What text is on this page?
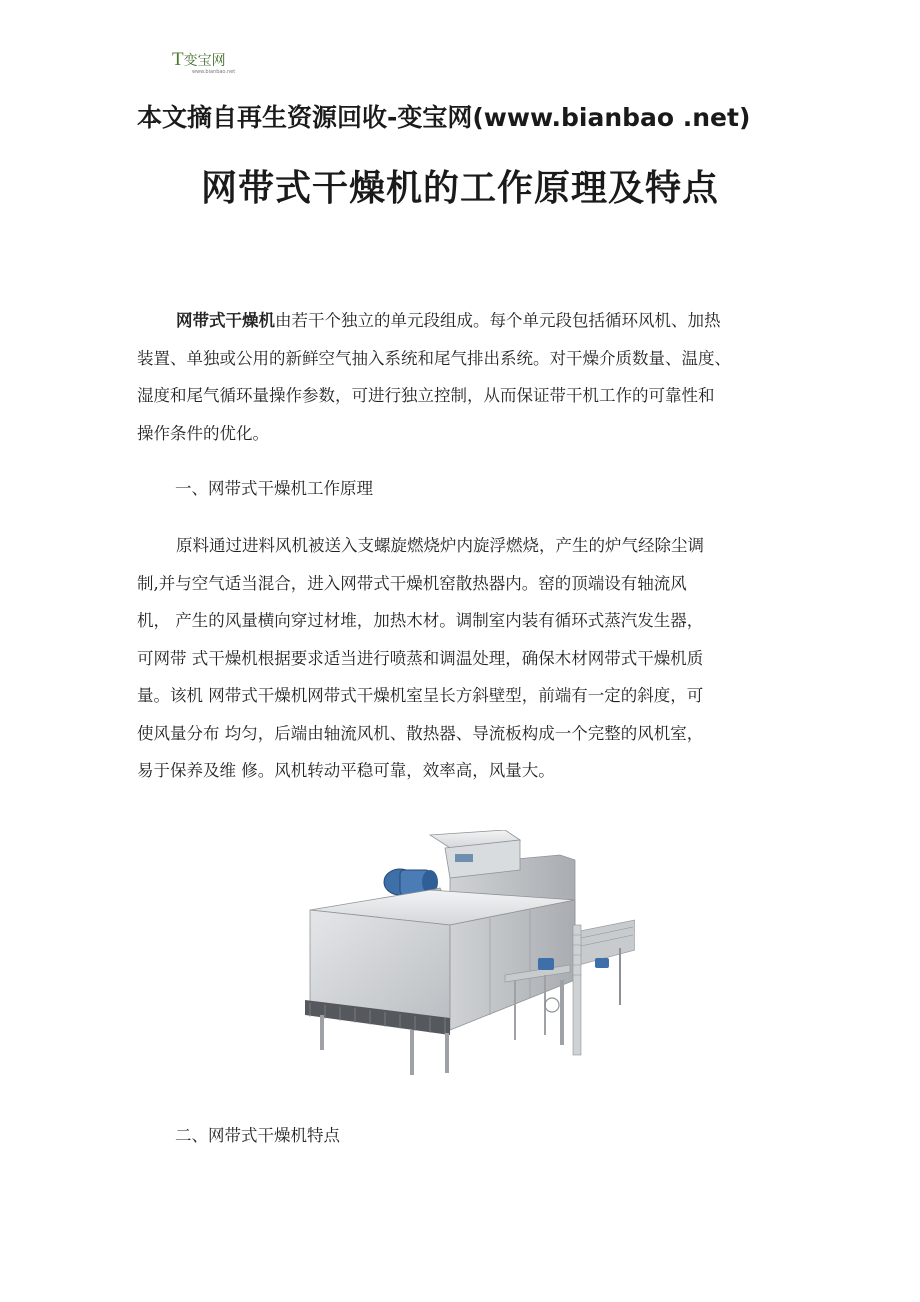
T变宝网
www.bianbao.net
本文摘自再生资源回收-变宝网(www.bianbao .net)
网带式干燥机的工作原理及特点
网带式干燥机由若干个独立的单元段组成。每个单元段包括循环风机、加热
装置、单独或公用的新鲜空气抽入系统和尾气排出系统。对干燥介质数量、温度、
湿度和尾气循环量操作参数，可进行独立控制，从而保证带干机工作的可靠性和
操作条件的优化。
一、网带式干燥机工作原理
原料通过进料风机被送入支螺旋燃烧炉内旋浮燃烧，产生的炉气经除尘调
制,并与空气适当混合，进入网带式干燥机窑散热器内。窑的顶端设有轴流风
机， 产生的风量横向穿过材堆，加热木材。调制室内装有循环式蒸汽发生器，
可网带 式干燥机根据要求适当进行喷蒸和调温处理，确保木材网带式干燥机质
量。该机 网带式干燥机网带式干燥机室呈长方斜壁型，前端有一定的斜度，可
使风量分布 均匀，后端由轴流风机、散热器、导流板构成一个完整的风机室，
易于保养及维 修。风机转动平稳可靠，效率高，风量大。
二、网带式干燥机特点
